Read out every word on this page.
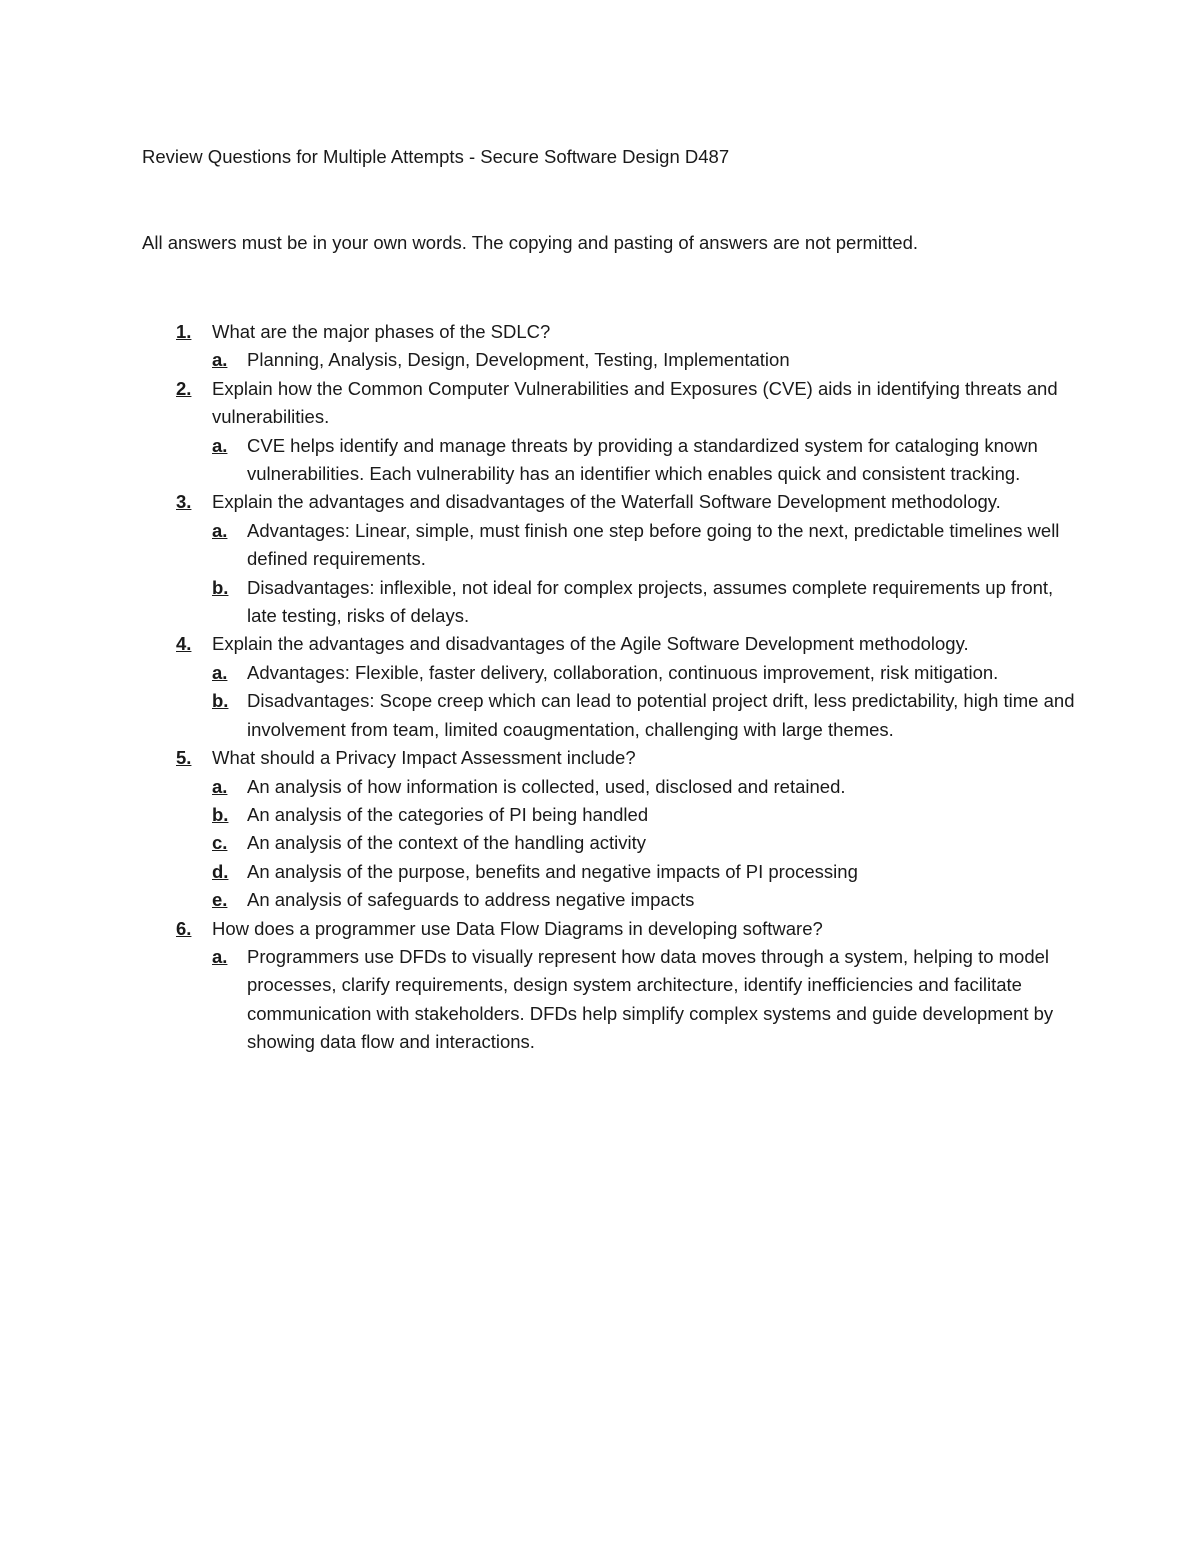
Review Questions for Multiple Attempts - Secure Software Design D487
All answers must be in your own words. The copying and pasting of answers are not permitted.
1.	What are the major phases of the SDLC?
a.	Planning, Analysis, Design, Development, Testing, Implementation
2.	Explain how the Common Computer Vulnerabilities and Exposures (CVE) aids in identifying threats and vulnerabilities.
a.	CVE helps identify and manage threats by providing a standardized system for cataloging known vulnerabilities. Each vulnerability has an identifier which enables quick and consistent tracking.
3.	Explain the advantages and disadvantages of the Waterfall Software Development methodology.
a.	Advantages: Linear, simple, must finish one step before going to the next, predictable timelines well defined requirements.
b.	Disadvantages: inflexible, not ideal for complex projects, assumes complete requirements up front, late testing, risks of delays.
4.	Explain the advantages and disadvantages of the Agile Software Development methodology.
a.	Advantages: Flexible, faster delivery, collaboration, continuous improvement, risk mitigation.
b.	Disadvantages: Scope creep which can lead to potential project drift, less predictability, high time and involvement from team, limited coaugmentation, challenging with large themes.
5.	What should a Privacy Impact Assessment include?
a.	An analysis of how information is collected, used, disclosed and retained.
b.	An analysis of the categories of PI being handled
c.	An analysis of the context of the handling activity
d.	An analysis of the purpose, benefits and negative impacts of PI processing
e.	An analysis of safeguards to address negative impacts
6.	How does a programmer use Data Flow Diagrams in developing software?
a.	Programmers use DFDs to visually represent how data moves through a system, helping to model processes, clarify requirements, design system architecture, identify inefficiencies and facilitate communication with stakeholders. DFDs help simplify complex systems and guide development by showing data flow and interactions.
